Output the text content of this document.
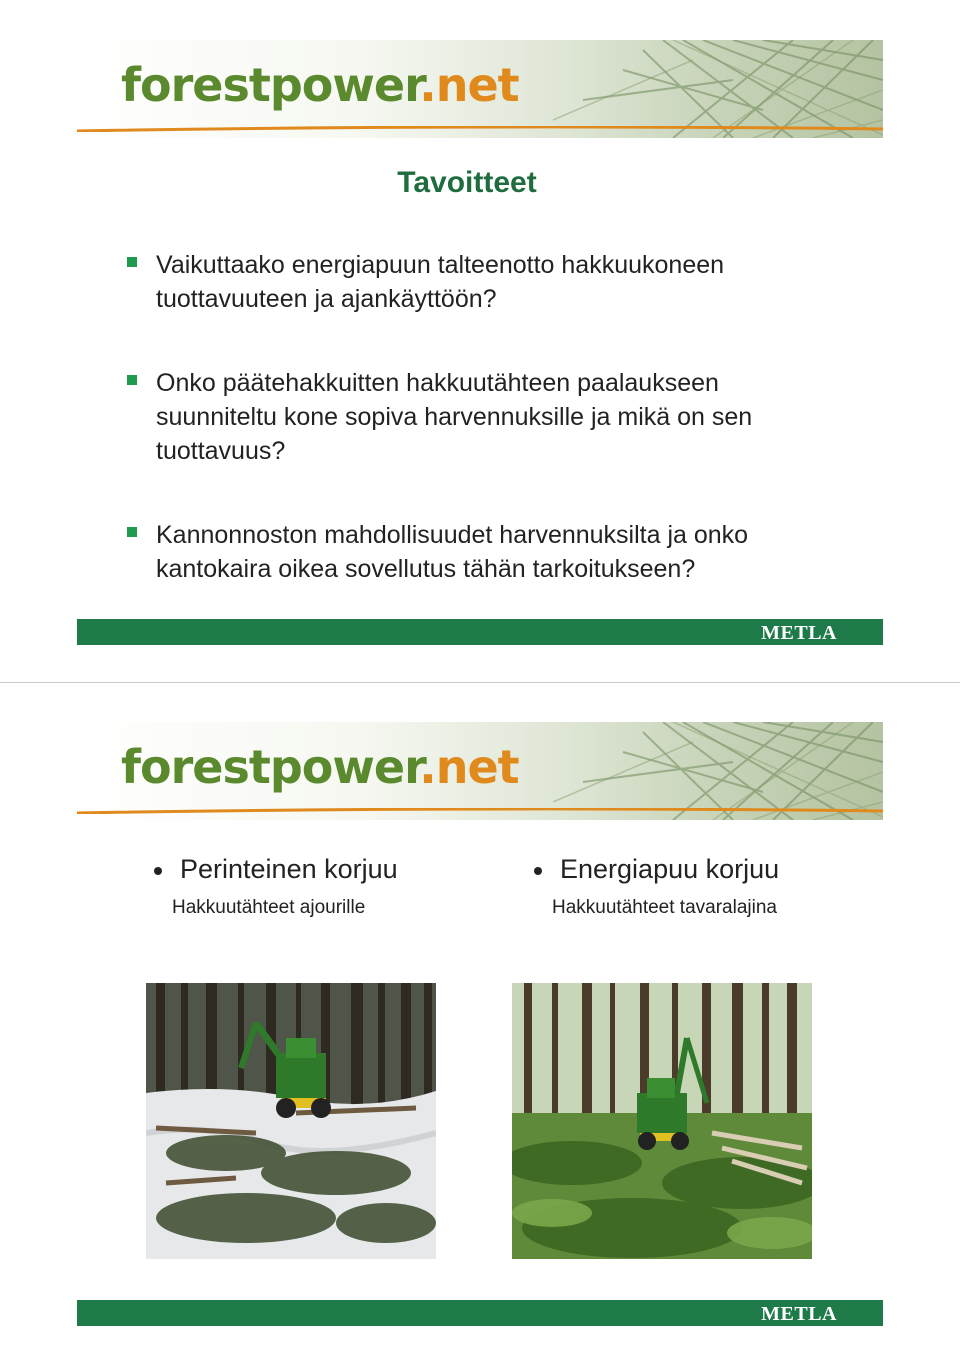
forestpower.net
Tavoitteet
Vaikuttaako energiapuun talteenotto hakkuukoneen tuottavuuteen ja ajankäyttöön?
Onko päätehakkuitten hakkuutähteen paalaukseen suunniteltu kone sopiva harvennuksille ja mikä on sen tuottavuus?
Kannonnoston mahdollisuudet harvennuksilta ja onko kantokaira oikea sovellutus tähän tarkoitukseen?
METLA
forestpower.net
Perinteinen korjuu
Hakkuutähteet ajourille
Energiapuu korjuu
Hakkuutähteet tavaralajina
METLA
